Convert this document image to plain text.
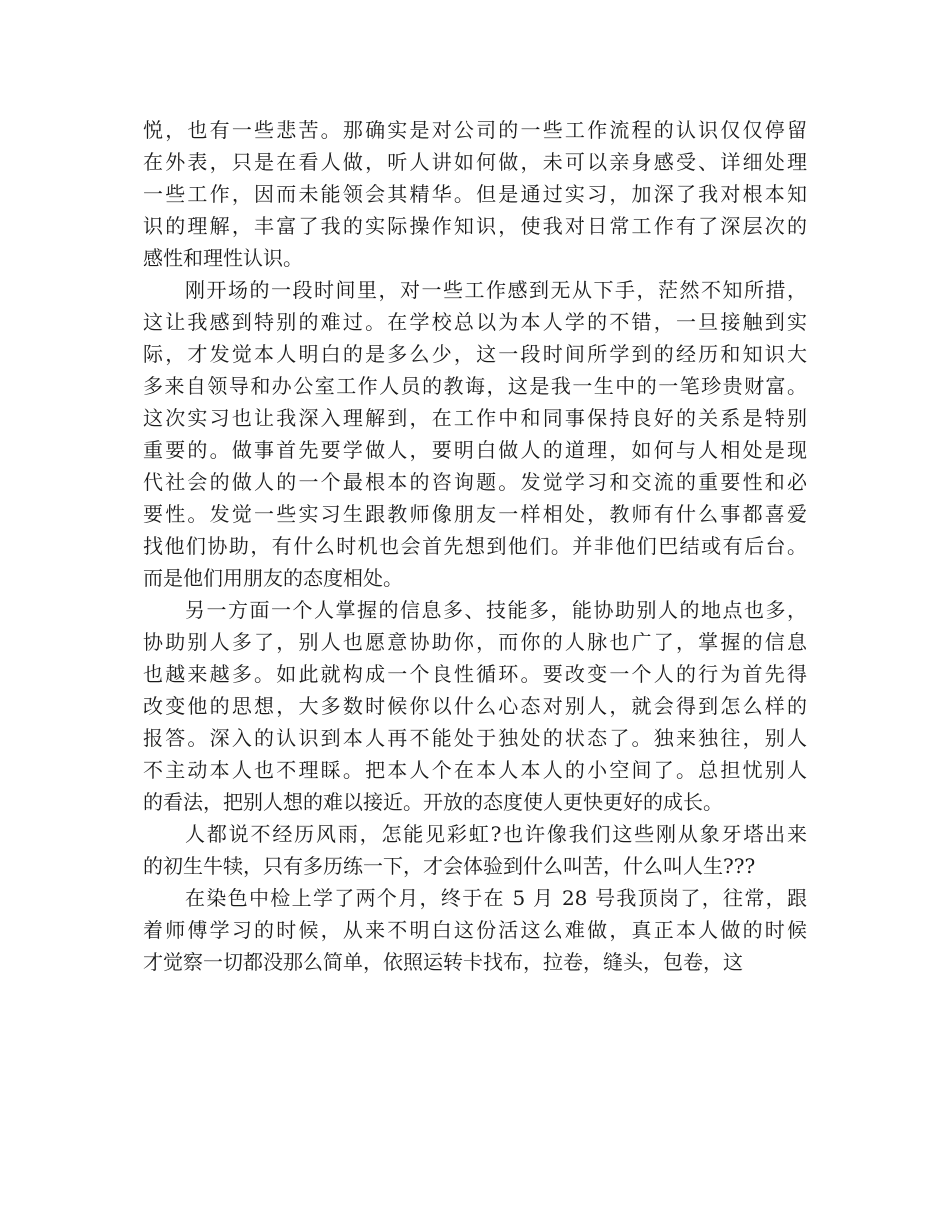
悦，也有一些悲苦。那确实是对公司的一些工作流程的认识仅仅停留
在外表，只是在看人做，听人讲如何做，未可以亲身感受、详细处理
一些工作，因而未能领会其精华。但是通过实习，加深了我对根本知
识的理解，丰富了我的实际操作知识，使我对日常工作有了深层次的
感性和理性认识。
刚开场的一段时间里，对一些工作感到无从下手，茫然不知所措，
这让我感到特别的难过。在学校总以为本人学的不错，一旦接触到实
际，才发觉本人明白的是多么少，这一段时间所学到的经历和知识大
多来自领导和办公室工作人员的教诲，这是我一生中的一笔珍贵财富。
这次实习也让我深入理解到，在工作中和同事保持良好的关系是特别
重要的。做事首先要学做人，要明白做人的道理，如何与人相处是现
代社会的做人的一个最根本的咨询题。发觉学习和交流的重要性和必
要性。发觉一些实习生跟教师像朋友一样相处，教师有什么事都喜爱
找他们协助，有什么时机也会首先想到他们。并非他们巴结或有后台。
而是他们用朋友的态度相处。
另一方面一个人掌握的信息多、技能多，能协助别人的地点也多，
协助别人多了，别人也愿意协助你，而你的人脉也广了，掌握的信息
也越来越多。如此就构成一个良性循环。要改变一个人的行为首先得
改变他的思想，大多数时候你以什么心态对别人，就会得到怎么样的
报答。深入的认识到本人再不能处于独处的状态了。独来独往，别人
不主动本人也不理睬。把本人个在本人本人的小空间了。总担忧别人
的看法，把别人想的难以接近。开放的态度使人更快更好的成长。
人都说不经历风雨，怎能见彩虹?也许像我们这些刚从象牙塔出来
的初生牛犊，只有多历练一下，才会体验到什么叫苦，什么叫人生???
在染色中检上学了两个月，终于在 5 月 28 号我顶岗了，往常，跟
着师傅学习的时候，从来不明白这份活这么难做，真正本人做的时候
才觉察一切都没那么简单，依照运转卡找布，拉卷，缝头，包卷，这
